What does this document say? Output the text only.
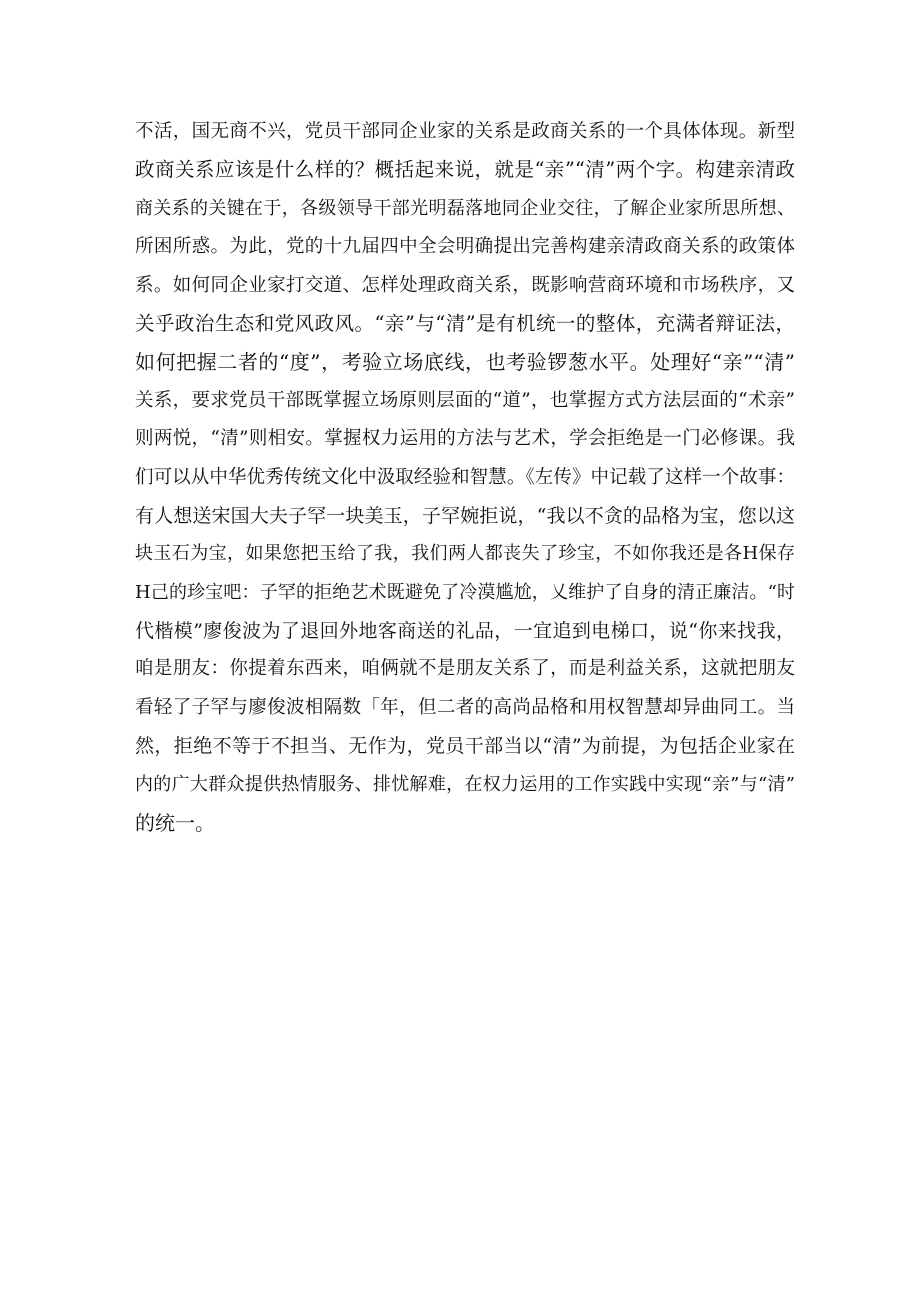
不活，国无商不兴，党员干部同企业家的关系是政商关系的一个具体体现。新型
政商关系应该是什么样的？概括起来说，就是“亲”“清”两个字。构建亲清政
商关系的关键在于，各级领导干部光明磊落地同企业交往，了解企业家所思所想、
所困所惑。为此，党的十九届四中全会明确提出完善构建亲清政商关系的政策体
系。如何同企业家打交道、怎样处理政商关系，既影响营商环境和市场秩序，又
关乎政治生态和党风政风。“亲”与“清”是有机统一的整体，充满者辩证法，
如何把握二者的“度”，考验立场底线，也考验锣葱水平。处理好“亲”“清”
关系，要求党员干部既掌握立场原则层面的“道”，也掌握方式方法层面的“术亲”
则两悦，“清”则相安。掌握权力运用的方法与艺术，学会拒绝是一门必修课。我
们可以从中华优秀传统文化中汲取经验和智慧。《左传》中记载了这样一个故事：
有人想送宋国大夫子罕一块美玉，子罕婉拒说，“我以不贪的品格为宝，您以这
块玉石为宝，如果您把玉给了我，我们两人都丧失了珍宝，不如你我还是各H保存
H己的珍宝吧：子罕的拒绝艺术既避免了冷漠尴尬，乂维护了自身的清正廉洁。“时
代楷模”廖俊波为了退回外地客商送的礼品，一宜追到电梯口，说“你来找我，
咱是朋友：你提着东西来，咱俩就不是朋友关系了，而是利益关系，这就把朋友
看轻了子罕与廖俊波相隔数「年，但二者的高尚品格和用权智慧却异曲同工。当
然，拒绝不等于不担当、无作为，党员干部当以“清”为前提，为包括企业家在
内的广大群众提供热情服务、排忧解难，在权力运用的工作实践中实现“亲”与“清”
的统一。
